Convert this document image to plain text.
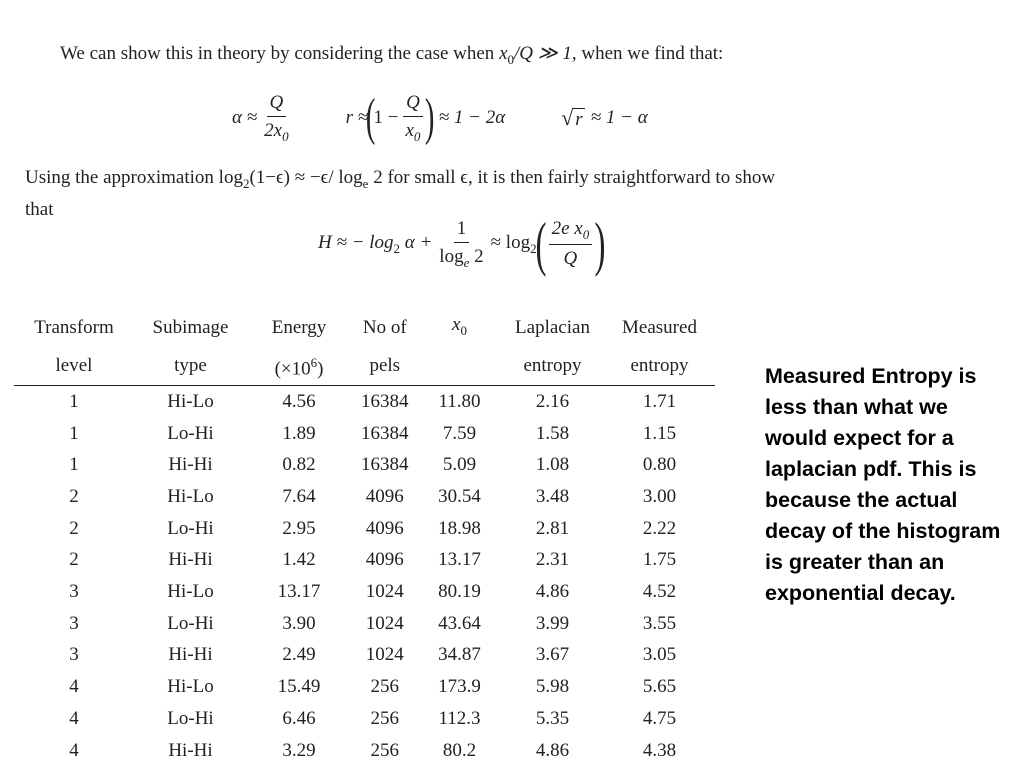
We can show this in theory by considering the case when $x_0/Q$ ≫ 1, when we find that:
$\alpha \approx \frac{Q}{2x_0}$	r ≈
(
$1 - \frac{Q}{x_0}$ ) ≈ 1 − 2α	√ r ≈ 1 − α
Using the approximation $\log_2(1-\epsilon) \approx -\epsilon/$ $\log_e 2$ for small ϵ, it is then fairly straightforward to show
that
H ≈ − $\log_2 \alpha + \frac{1}{\log_e 2} \approx \log_2$
( $\frac{2e x_0}{Q}$ )
Transform	Subimage	Energy	No of	$x_0$	Laplacian	Measured
level	type	$(\times 10^6)$	pels		entropy	entropy
1	Hi-Lo	4.56	16384	11.80	2.16	1.71
1	Lo-Hi	1.89	16384	7.59	1.58	1.15
1	Hi-Hi	0.82	16384	5.09	1.08	0.80
2	Hi-Lo	7.64	4096	30.54	3.48	3.00
2	Lo-Hi	2.95	4096	18.98	2.81	2.22
2	Hi-Hi	1.42	4096	13.17	2.31	1.75
3	Hi-Lo	13.17	1024	80.19	4.86	4.52
3	Lo-Hi	3.90	1024	43.64	3.99	3.55
3	Hi-Hi	2.49	1024	34.87	3.67	3.05
4	Hi-Lo	15.49	256	173.9	5.98	5.65
4	Lo-Hi	6.46	256	112.3	5.35	4.75
4	Hi-Hi	3.29	256	80.2	4.86	4.38
Measured Entropy is less than what we would expect for a laplacian pdf. This is because the actual decay of the histogram is greater than an exponential decay.
